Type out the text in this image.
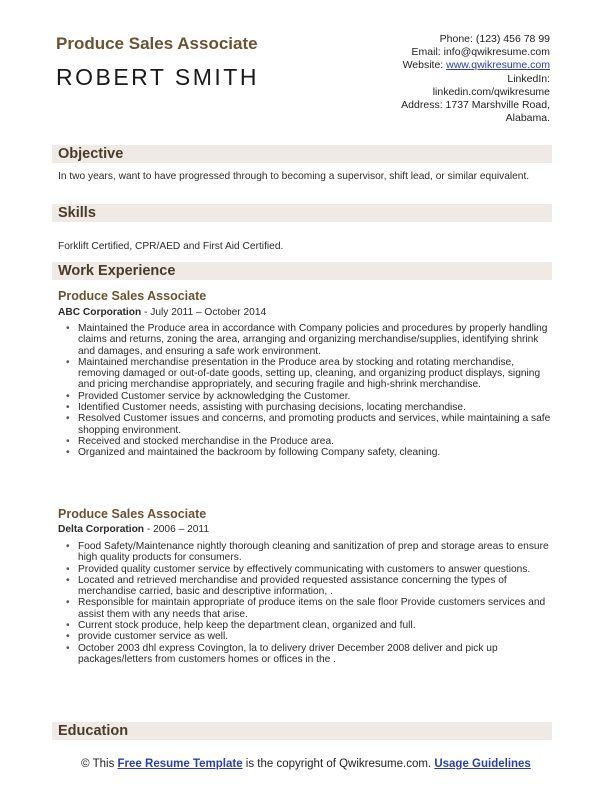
Produce Sales Associate
ROBERT SMITH
Phone: (123) 456 78 99
Email: info@qwikresume.com
Website: www.qwikresume.com
LinkedIn:
linkedin.com/qwikresume
Address: 1737 Marshville Road,
Alabama.
Objective
In two years, want to have progressed through to becoming a supervisor, shift lead, or similar equivalent.
Skills
Forklift Certified, CPR/AED and First Aid Certified.
Work Experience
Produce Sales Associate
ABC Corporation - July 2011 – October 2014
• Maintained the Produce area in accordance with Company policies and procedures by properly handling claims and returns, zoning the area, arranging and organizing merchandise/supplies, identifying shrink and damages, and ensuring a safe work environment.
• Maintained merchandise presentation in the Produce area by stocking and rotating merchandise, removing damaged or out-of-date goods, setting up, cleaning, and organizing product displays, signing and pricing merchandise appropriately, and securing fragile and high-shrink merchandise.
• Provided Customer service by acknowledging the Customer.
• Identified Customer needs, assisting with purchasing decisions, locating merchandise.
• Resolved Customer issues and concerns, and promoting products and services, while maintaining a safe shopping environment.
• Received and stocked merchandise in the Produce area.
• Organized and maintained the backroom by following Company safety, cleaning.
Produce Sales Associate
Delta Corporation - 2006 – 2011
• Food Safety/Maintenance nightly thorough cleaning and sanitization of prep and storage areas to ensure high quality products for consumers.
• Provided quality customer service by effectively communicating with customers to answer questions.
• Located and retrieved merchandise and provided requested assistance concerning the types of merchandise carried, basic and descriptive information, .
• Responsible for maintain appropriate of produce items on the sale floor Provide customers services and assist them with any needs that arise.
• Current stock produce, help keep the department clean, organized and full.
• provide customer service as well.
• October 2003 dhl express Covington, la to delivery driver December 2008 deliver and pick up packages/letters from customers homes or offices in the .
Education
© This Free Resume Template is the copyright of Qwikresume.com. Usage Guidelines
